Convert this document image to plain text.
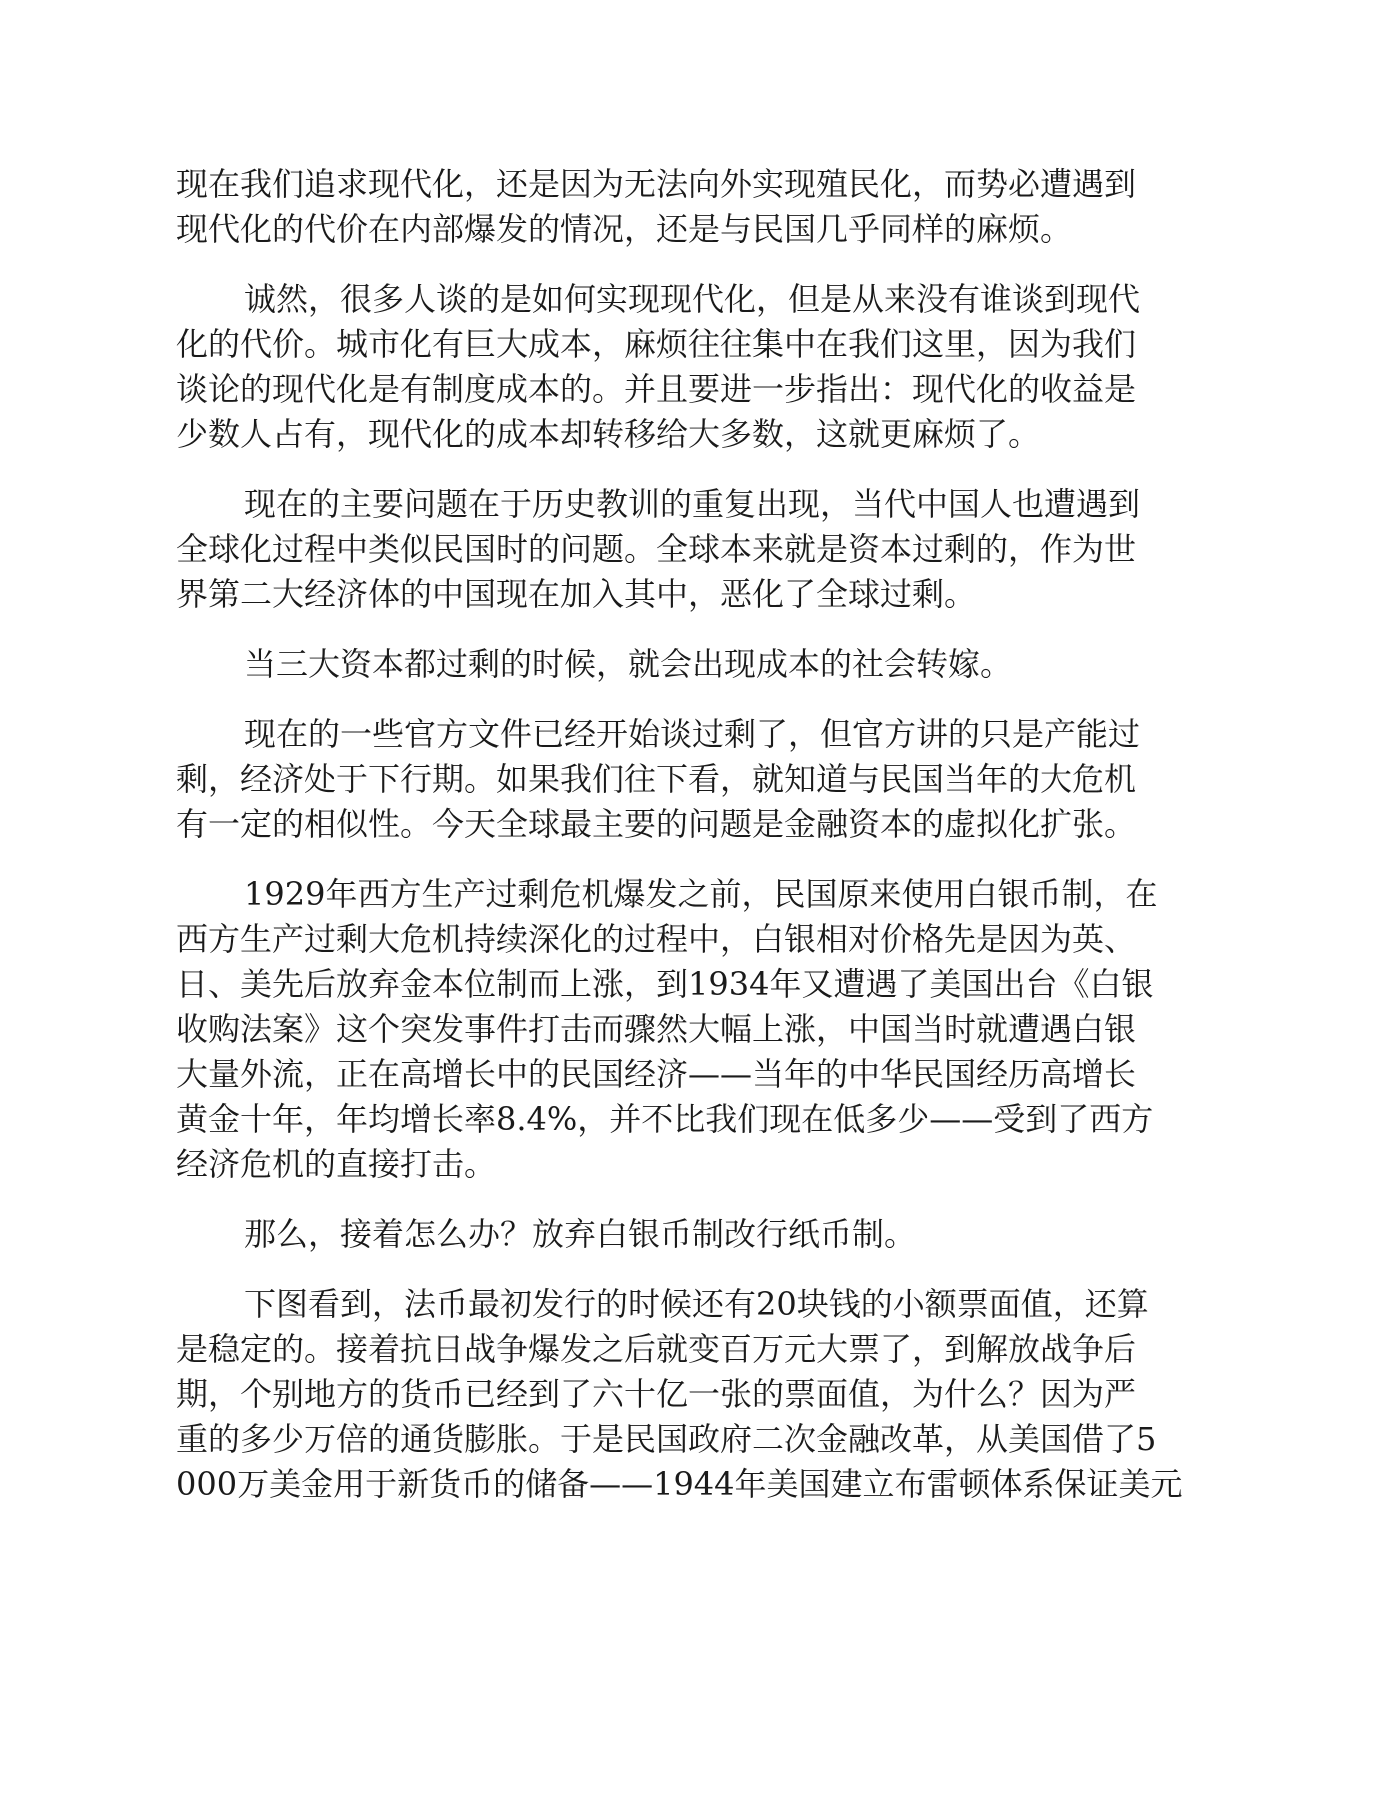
现在我们追求现代化，还是因为无法向外实现殖民化，而势必遭遇到
现代化的代价在内部爆发的情况，还是与民国几乎同样的麻烦。
诚然，很多人谈的是如何实现现代化，但是从来没有谁谈到现代
化的代价。城市化有巨大成本，麻烦往往集中在我们这里，因为我们
谈论的现代化是有制度成本的。并且要进一步指出：现代化的收益是
少数人占有，现代化的成本却转移给大多数，这就更麻烦了。
现在的主要问题在于历史教训的重复出现，当代中国人也遭遇到
全球化过程中类似民国时的问题。全球本来就是资本过剩的，作为世
界第二大经济体的中国现在加入其中，恶化了全球过剩。
当三大资本都过剩的时候，就会出现成本的社会转嫁。
现在的一些官方文件已经开始谈过剩了，但官方讲的只是产能过
剩，经济处于下行期。如果我们往下看，就知道与民国当年的大危机
有一定的相似性。今天全球最主要的问题是金融资本的虚拟化扩张。
1929年西方生产过剩危机爆发之前，民国原来使用白银币制，在
西方生产过剩大危机持续深化的过程中，白银相对价格先是因为英、
日、美先后放弃金本位制而上涨，到1934年又遭遇了美国出台《白银
收购法案》这个突发事件打击而骤然大幅上涨，中国当时就遭遇白银
大量外流，正在高增长中的民国经济——当年的中华民国经历高增长
黄金十年，年均增长率8.4%，并不比我们现在低多少——受到了西方
经济危机的直接打击。
那么，接着怎么办？放弃白银币制改行纸币制。
下图看到，法币最初发行的时候还有20块钱的小额票面值，还算
是稳定的。接着抗日战争爆发之后就变百万元大票了，到解放战争后
期，个别地方的货币已经到了六十亿一张的票面值，为什么？因为严
重的多少万倍的通货膨胀。于是民国政府二次金融改革，从美国借了5
000万美金用于新货币的储备——1944年美国建立布雷顿体系保证美元
